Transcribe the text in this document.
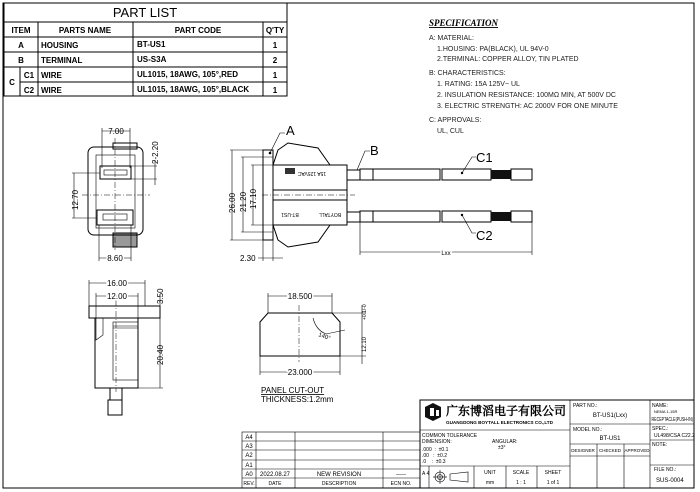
PART LIST
ITEM	PARTS NAME	PART CODE	Q'TY
A HOUSING	BT-US1	1
B TERMINAL	US-S3A	2
C
C1 WIRE	UL1015, 18AWG, 105°,RED	1
C2 WIRE	UL1015, 18AWG, 105°,BLACK	1
SPECIFICATION
A: MATERIAL:
1.HOUSING: PA(BLACK), UL 94V-0
2.TERMINAL: COPPER ALLOY, TIN PLATED
B: CHARACTERISTICS:
1. RATING: 15A 125V~ UL
2. INSULATION RESISTANCE: 100MΩ MIN, AT 500V DC
3. ELECTRIC STRENGTH: AC 2000V FOR ONE MINUTE
C: APPROVALS:
UL, CUL
7.00
2-2.20
12.70
8.60
15A 125VAC
BOYTALL
BT-US1
26.00 21.20 17.10
2.30	Lxx
A
B	C1
C2
16.00
12.00	3.50
20.40
18.500
23.000
12.10
+0.1/-0
140°
PANEL CUT-OUT
THICKNESS:1.2mm
A4
A3
A2
A1
A0 2022.08.27	NEW REVISION	-----
REV.	DATE	DESCRIPTION	ECN NO.
广东博滔电子有限公司
GUANGDONG BOYTALL ELECTRONICS CO.,LTD
COMMON TOLERANCE
DIMENSION:	ANGULAR:
±3°
.000  :  ±0.1
.00   :  ±0.2
.0    :  ±0.3
A 4	UNIT
mm
SCALE
1 : 1
SHEET
1 of 1
PART NO.:
BT-US1(Lxx)
NAME:
NEMA 1-15R
RECEPTACLE(PUSH-IN)
MODEL NO.:
BT-US1
SPEC.:
UL498/CSA C22.2
DESIGNER CHECKED APPROVED
NOTE:
FILE NO.:
SUS-0004
